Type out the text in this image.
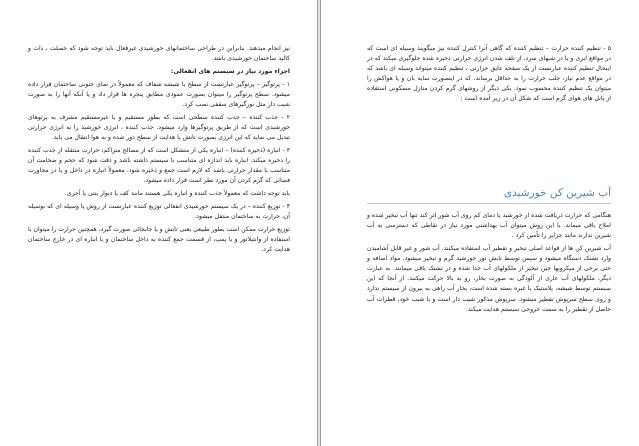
نیز انجام میدهند. بنابراین در طراحی ساختمانهای خورشیدی غیرفعال باید توجه شود که خصلت ، ذات و کالبد ساختمان خورشیدی باشد.

اجزاء مورد نیاز در سیستم های انفعالی:

١ - پرتوگیر – پرتوگیر عبارتست از سطح یا شیشه شفاف که معمولاً در نمای جنوبی ساختمان قرار داده میشود. سطح پرتوگیر را میتوان بصورت عمودی مطابق پنجره ها قرار داد و یا آنکه آنها را به صورت شیب دار مثل نورگیرهای سقفی نصب کرد.

٢ - جذب کننده – جذب کننده سطحی است که بطور مستقیم و یا غیرمستقیم مشرف به پرتوهای خورشیدی است که از طریق پرتوگیرها وارد میشود. جذب کننده ، انرژی خورشید را به انرژی حرارتی تبدیل می نماید که این انرژی بصورت تابش یا هدایت از سطح دور شده و به هوا انتقال می یابد.

٣ - انباره (ذخیره کننده) – انباره یکی از متشکل است که از مصالح متراکم، حرارت منتقله از جذب کننده را ذخیره میکند. انباره باید اندازه ای متناسب با سیستم داشته باشد و دقت شود که حجم و ضخامت آن متناسب با مقدار حرارتی باشد که لازم است جمع و ذخیره شود. معمولاً انباره در داخل و یا در مجاورت فضائی که گرم کردن آن مورد نظر است قرار داده میشود.

باید توجه داشت که معمولاً جذب کننده و انباره یکی هستند مانند کف یا دیوار بتنی یا آجری.

۴ - توزیع کننده – در یک سیستم خورشیدی انفعالی توزیع کننده عبارتست از روش یا وسیله ای که بوسیله آن، حرارت به ساختمان منتقل میشود.

توزیع حرارت ممکن است بطور طبیعی یعنی تابش و یا جابجائی صورت گیرد، همچنین حرارت را میتوان با استفاده از وانتیلاتور و یا پمپ، از قسمت جمع کننده به داخل ساختمان و یا انباره ای در خارج ساختمان هدایت کرد.

۵ - تنظیم کننده حرارت – تنظیم کننده که گاهی آنرا کنترل کننده نیز میگویند وسیله ای است که در مواقع ابری و یا در شبهای سرد، از تلف شدن انرژی حرارتی ذخیره شده جلوگیری میکند که در اینحال تنظیم کننده عبارتست از یک صفحه عایق حرارتی ، تنظیم کننده میتواند وسیله ای باشد که در مواقع عدم نیاز، جلب حرارت را به حداقل برساند، که در اینصورت سایه بان و یا هواکش را میتوان یک تنظیم کننده محسوب نمود. یکی دیگر از روشهای گرم کردن منازل مسکونی استفاده از پانل های هوای گرم است که شکل آن در زیر آمده است :

آب شیرین کن خورشیدی

هنگامی که حرارت دریافت شده از خورشید یا دمای کم روی آب شور اثر کند تنها آب تبخیر شده و املاح باقی میماند. با این روش میتوان آب بهداشتی مورد نیاز در نقاطی که دسترسی به آب شیرین ندارند مانند جزایر را تأمین کرد .

آب شیرین کن ها از قواعد اصلی تبخیر و تقطیر آب استفاده میکنند. آب شور و غیر قابل آشامیدن وارد تشتک دستگاه میشود و سپس توسط تابش نور خورشید گرم و تبخیر میشود. مواد اضافه و حتی برخی از میکروبها حین تبخیر از ملکولهای آب جدا شده و در تشتک باقی میمانند. به عبارت دیگر، ملکولهای آب عاری از آلودگی به صورت بخار، رو به بالا حرکت میکنند. از آنجا که این سیستم توسط شیشه، پلاستیک یا غیره بسته شده است، بخار آب راهی به بیرون از سیستم ندارد و روی سطح سرپوش تقطیر میشود. سرپوش مذکور شیب دار است و با شیب خود، قطرات آب حاصل از تقطیر را به سمت خروجی سیستم هدایت میکند.
